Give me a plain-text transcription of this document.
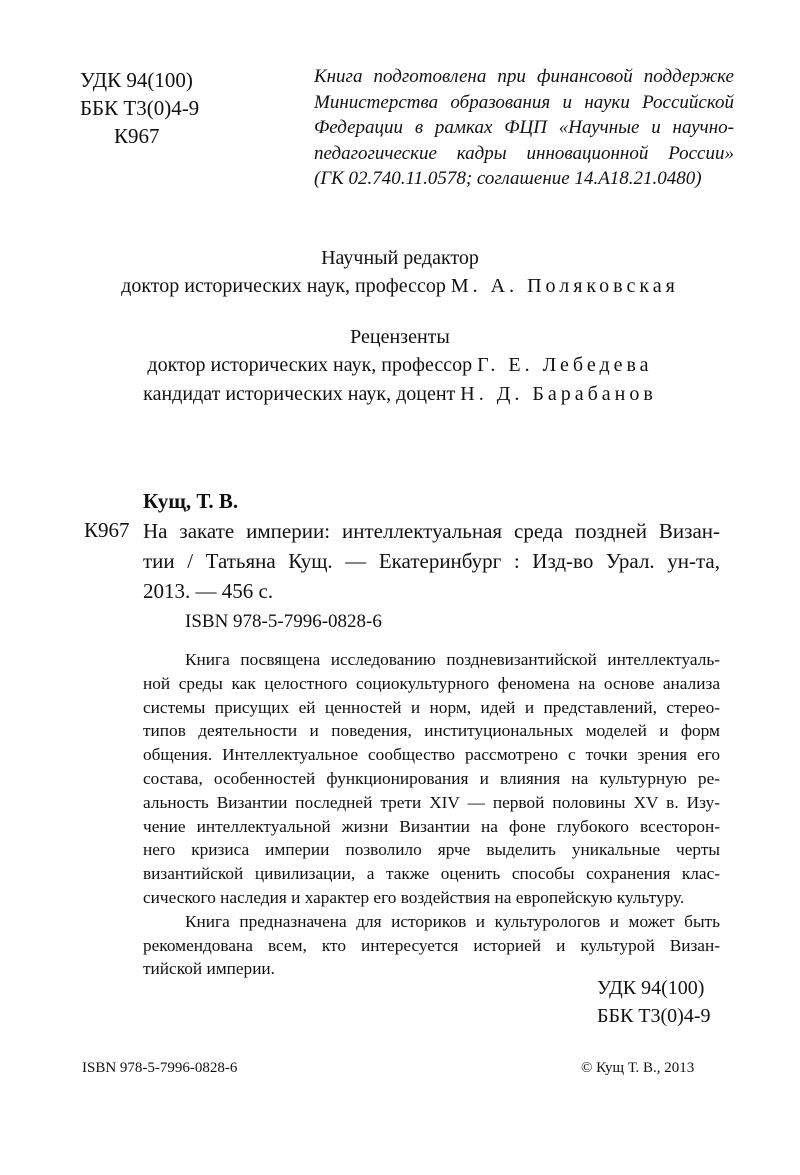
УДК 94(100)
ББК Т3(0)4-9
К967
Книга подготовлена при финансовой поддержке
Министерства образования и науки Российской
Федерации в рамках ФЦП «Научные и научно-
педагогические кадры инновационной России»
(ГК 02.740.11.0578; соглашение 14.А18.21.0480)
Научный редактор
доктор исторических наук, профессор М. А. Поляковская
Рецензенты
доктор исторических наук, профессор Г. Е. Лебедева
кандидат исторических наук, доцент Н. Д. Барабанов
Кущ, Т. В.
К967 На закате империи: интеллектуальная среда поздней Визан-
тии / Татьяна Кущ. — Екатеринбург : Изд-во Урал. ун-та,
2013. — 456 с.
ISBN 978-5-7996-0828-6
Книга посвящена исследованию поздневизантийской интеллектуаль-
ной среды как целостного социокультурного феномена на основе анализа
системы присущих ей ценностей и норм, идей и представлений, стерео-
типов деятельности и поведения, институциональных моделей и форм
общения. Интеллектуальное сообщество рассмотрено с точки зрения его
состава, особенностей функционирования и влияния на культурную ре-
альность Византии последней трети XIV — первой половины XV в. Изу-
чение интеллектуальной жизни Византии на фоне глубокого всесторон-
него кризиса империи позволило ярче выделить уникальные черты
византийской цивилизации, а также оценить способы сохранения клас-
сического наследия и характер его воздействия на европейскую культуру.
Книга предназначена для историков и культурологов и может быть
рекомендована всем, кто интересуется историей и культурой Визан-
тийской империи.
УДК 94(100)
ББК Т3(0)4-9
ISBN 978-5-7996-0828-6	© Кущ Т. В., 2013
